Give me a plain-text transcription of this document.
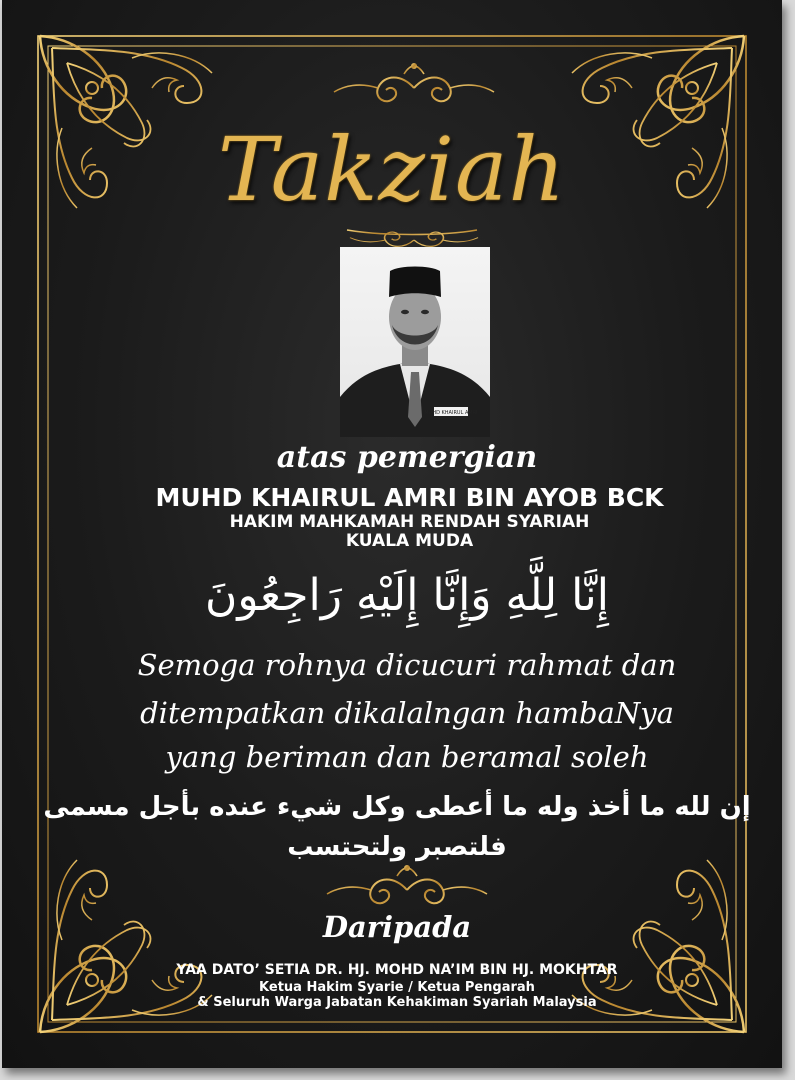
Takziah
MUHD KHAIRUL AMRI
atas pemergian
MUHD KHAIRUL AMRI BIN AYOB BCK
HAKIM MAHKAMAH RENDAH SYARIAH
KUALA MUDA
إِنَّا لِلَّهِ وَإِنَّا إِلَيْهِ رَاجِعُونَ
Semoga rohnya dicucuri rahmat dan
ditempatkan dikalalngan hambaNya
yang beriman dan beramal soleh
إن لله ما أخذ وله ما أعطى وكل شيء عنده بأجل مسمى
فلتصبر ولتحتسب
Daripada
YAA DATO’ SETIA DR. HJ. MOHD NA’IM BIN HJ. MOKHTAR
Ketua Hakim Syarie / Ketua Pengarah
& Seluruh Warga Jabatan Kehakiman Syariah Malaysia
